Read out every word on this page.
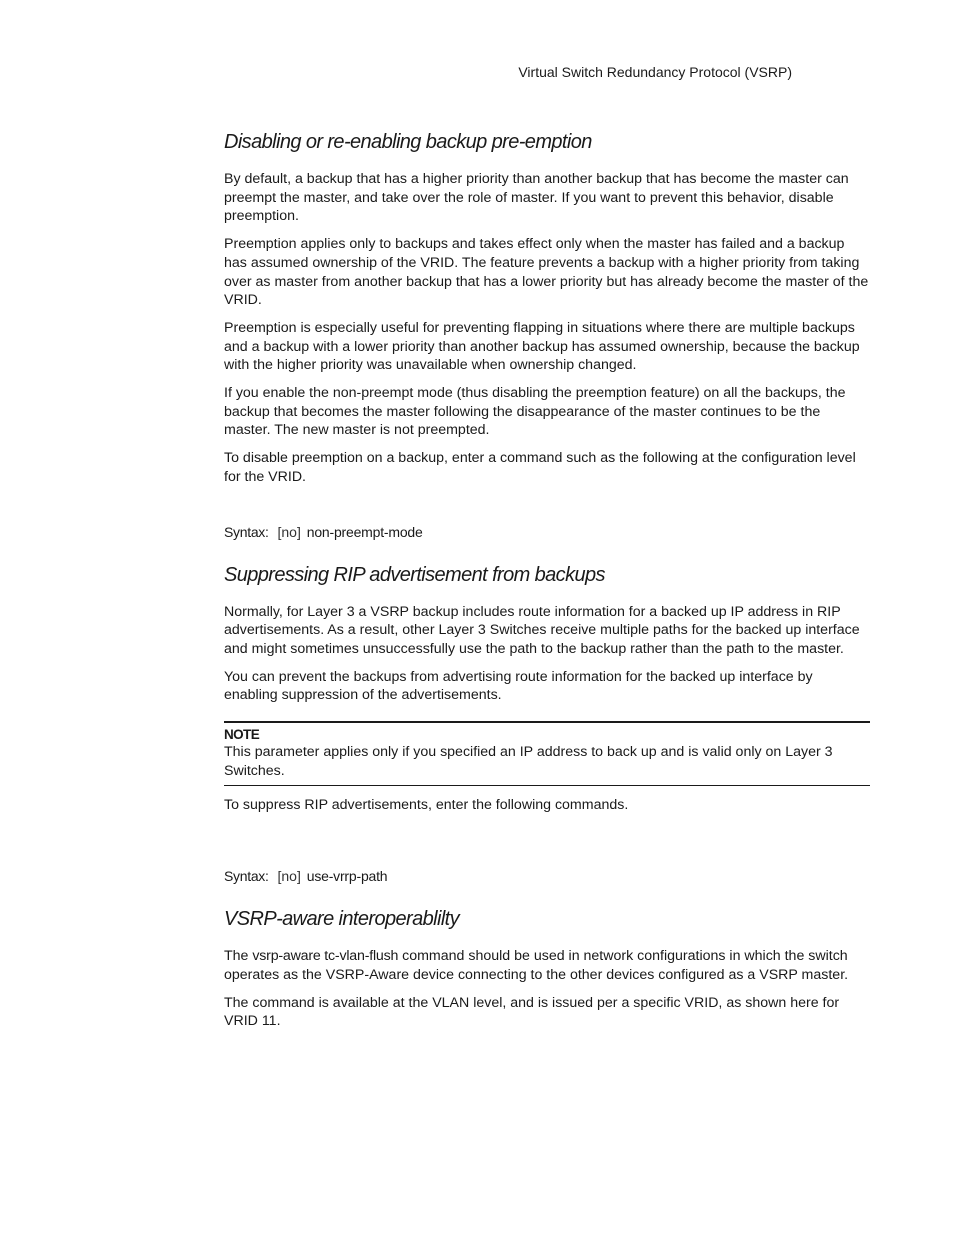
Virtual Switch Redundancy Protocol (VSRP)
Disabling or re-enabling backup pre-emption

By default, a backup that has a higher priority than another backup that has become the master can preempt the master, and take over the role of master. If you want to prevent this behavior, disable preemption.

Preemption applies only to backups and takes effect only when the master has failed and a backup has assumed ownership of the VRID. The feature prevents a backup with a higher priority from taking over as master from another backup that has a lower priority but has already become the master of the VRID.

Preemption is especially useful for preventing flapping in situations where there are multiple backups and a backup with a lower priority than another backup has assumed ownership, because the backup with the higher priority was unavailable when ownership changed.

If you enable the non-preempt mode (thus disabling the preemption feature) on all the backups, the backup that becomes the master following the disappearance of the master continues to be the master. The new master is not preempted.

To disable preemption on a backup, enter a command such as the following at the configuration level for the VRID.

Syntax: [no] non-preempt-mode
Suppressing RIP advertisement from backups

Normally, for Layer 3 a VSRP backup includes route information for a backed up IP address in RIP advertisements. As a result, other Layer 3 Switches receive multiple paths for the backed up interface and might sometimes unsuccessfully use the path to the backup rather than the path to the master.

You can prevent the backups from advertising route information for the backed up interface by enabling suppression of the advertisements.

NOTE
This parameter applies only if you specified an IP address to back up and is valid only on Layer 3 Switches.

To suppress RIP advertisements, enter the following commands.

Syntax: [no] use-vrrp-path
VSRP-aware interoperablilty

The vsrp-aware tc-vlan-flush command should be used in network configurations in which the switch operates as the VSRP-Aware device connecting to the other devices configured as a VSRP master.

The command is available at the VLAN level, and is issued per a specific VRID, as shown here for VRID 11.
